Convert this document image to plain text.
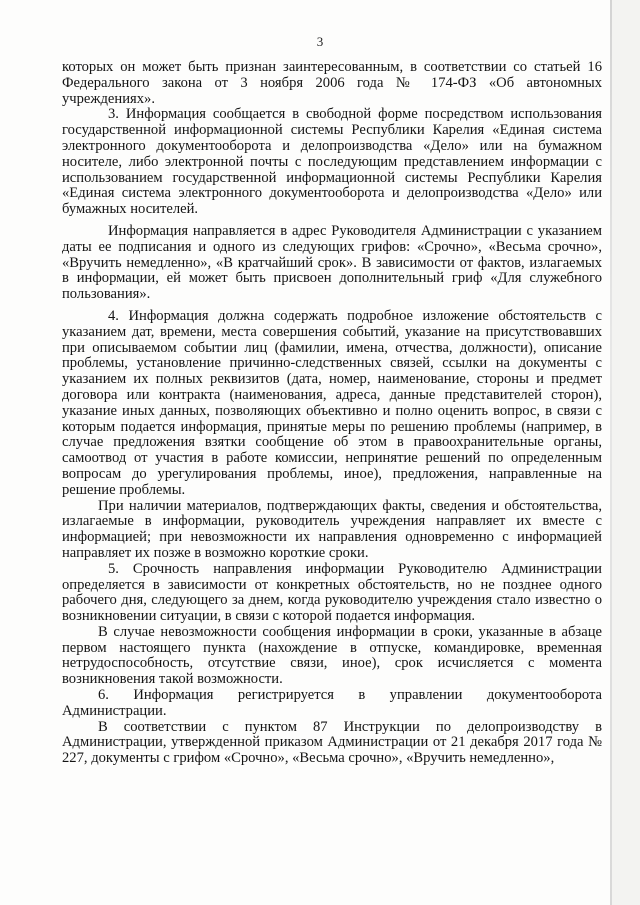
3

которых он может быть признан заинтересованным, в соответствии со статьей 16 Федерального закона от 3 ноября 2006 года № 174-ФЗ «Об автономных учреждениях».

3. Информация сообщается в свободной форме посредством использования государственной информационной системы Республики Карелия «Единая система электронного документооборота и делопроизводства «Дело» или на бумажном носителе, либо электронной почты с последующим представлением информации с использованием государственной информационной системы Республики Карелия «Единая система электронного документооборота и делопроизводства «Дело» или бумажных носителей.

Информация направляется в адрес Руководителя Администрации с указанием даты ее подписания и одного из следующих грифов: «Срочно», «Весьма срочно», «Вручить немедленно», «В кратчайший срок». В зависимости от фактов, излагаемых в информации, ей может быть присвоен дополнительный гриф «Для служебного пользования».

4. Информация должна содержать подробное изложение обстоятельств с указанием дат, времени, места совершения событий, указание на присутствовавших при описываемом событии лиц (фамилии, имена, отчества, должности), описание проблемы, установление причинно-следственных связей, ссылки на документы с указанием их полных реквизитов (дата, номер, наименование, стороны и предмет договора или контракта (наименования, адреса, данные представителей сторон), указание иных данных, позволяющих объективно и полно оценить вопрос, в связи с которым подается информация, принятые меры по решению проблемы (например, в случае предложения взятки сообщение об этом в правоохранительные органы, самоотвод от участия в работе комиссии, непринятие решений по определенным вопросам до урегулирования проблемы, иное), предложения, направленные на решение проблемы.

При наличии материалов, подтверждающих факты, сведения и обстоятельства, излагаемые в информации, руководитель учреждения направляет их вместе с информацией; при невозможности их направления одновременно с информацией направляет их позже в возможно короткие сроки.

5. Срочность направления информации Руководителю Администрации определяется в зависимости от конкретных обстоятельств, но не позднее одного рабочего дня, следующего за днем, когда руководителю учреждения стало известно о возникновении ситуации, в связи с которой подается информация.

В случае невозможности сообщения информации в сроки, указанные в абзаце первом настоящего пункта (нахождение в отпуске, командировке, временная нетрудоспособность, отсутствие связи, иное), срок исчисляется с момента возникновения такой возможности.

6. Информация регистрируется в управлении документооборота Администрации.

В соответствии с пунктом 87 Инструкции по делопроизводству в Администрации, утвержденной приказом Администрации от 21 декабря 2017 года № 227, документы с грифом «Срочно», «Весьма срочно», «Вручить немедленно»,
